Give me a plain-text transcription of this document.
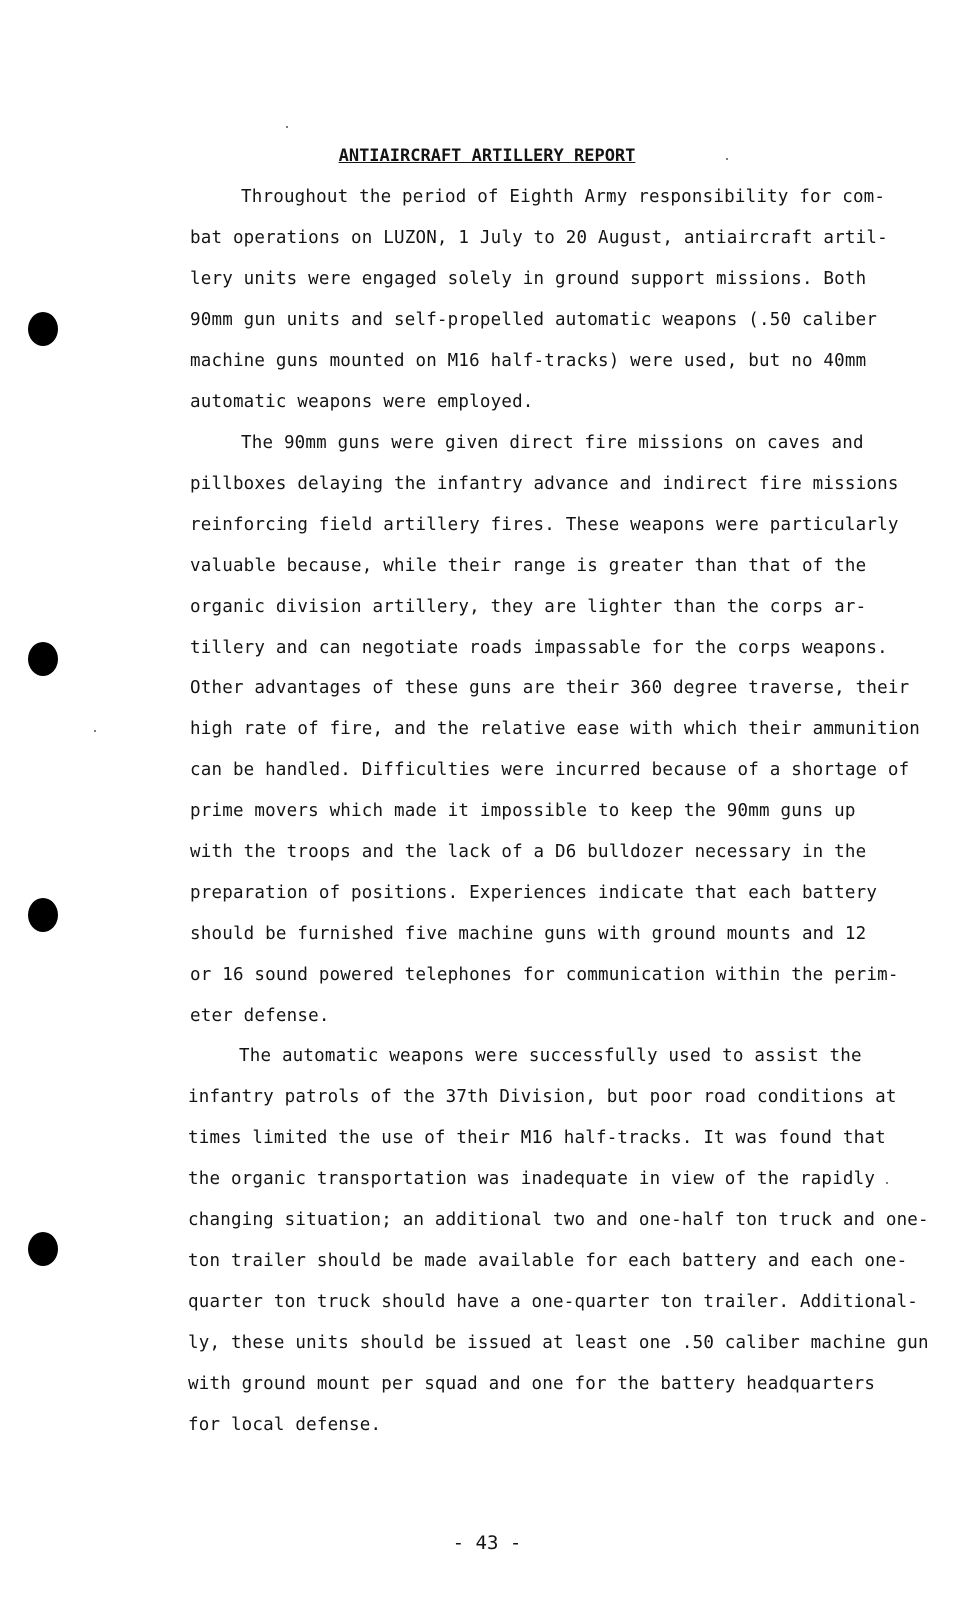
ANTIAIRCRAFT ARTILLERY REPORT
Throughout the period of Eighth Army responsibility for com-
bat operations on LUZON, 1 July to 20 August, antiaircraft artil-
lery units were engaged solely in ground support missions. Both
90mm gun units and self-propelled automatic weapons (.50 caliber
machine guns mounted on M16 half-tracks) were used, but no 40mm
automatic weapons were employed.
The 90mm guns were given direct fire missions on caves and
pillboxes delaying the infantry advance and indirect fire missions
reinforcing field artillery fires. These weapons were particularly
valuable because, while their range is greater than that of the
organic division artillery, they are lighter than the corps ar-
tillery and can negotiate roads impassable for the corps weapons.
Other advantages of these guns are their 360 degree traverse, their
high rate of fire, and the relative ease with which their ammunition
can be handled. Difficulties were incurred because of a shortage of
prime movers which made it impossible to keep the 90mm guns up
with the troops and the lack of a D6 bulldozer necessary in the
preparation of positions. Experiences indicate that each battery
should be furnished five machine guns with ground mounts and 12
or 16 sound powered telephones for communication within the perim-
eter defense.
The automatic weapons were successfully used to assist the
infantry patrols of the 37th Division, but poor road conditions at
times limited the use of their M16 half-tracks. It was found that
the organic transportation was inadequate in view of the rapidly
changing situation; an additional two and one-half ton truck and one-
ton trailer should be made available for each battery and each one-
quarter ton truck should have a one-quarter ton trailer. Additional-
ly, these units should be issued at least one .50 caliber machine gun
with ground mount per squad and one for the battery headquarters
for local defense.
- 43 -
